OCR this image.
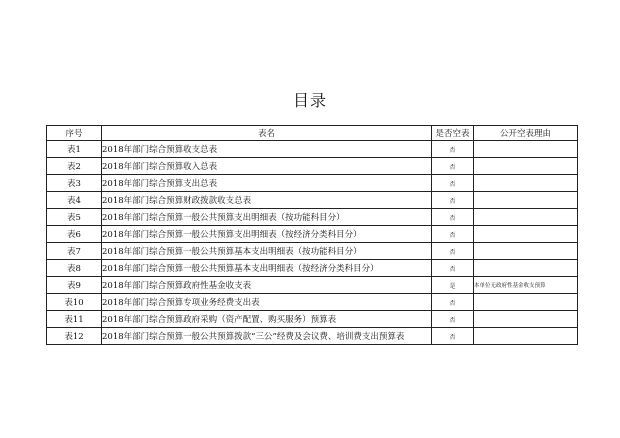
目录
序号	表名	是否空表	公开空表理由
表1	2018年部门综合预算收支总表	否	
表2	2018年部门综合预算收入总表	否	
表3	2018年部门综合预算支出总表	否	
表4	2018年部门综合预算财政拨款收支总表	否	
表5	2018年部门综合预算一般公共预算支出明细表（按功能科目分）	否	
表6	2018年部门综合预算一般公共预算支出明细表（按经济分类科目分）	否	
表7	2018年部门综合预算一般公共预算基本支出明细表（按功能科目分）	否	
表8	2018年部门综合预算一般公共预算基本支出明细表（按经济分类科目分）	否	
表9	2018年部门综合预算政府性基金收支表	是	本单位无政府性基金收支预算
表10	2018年部门综合预算专项业务经费支出表	否	
表11	2018年部门综合预算政府采购（资产配置、购买服务）预算表	否	
表12	2018年部门综合预算一般公共预算拨款“三公”经费及会议费、培训费支出预算表	否	
